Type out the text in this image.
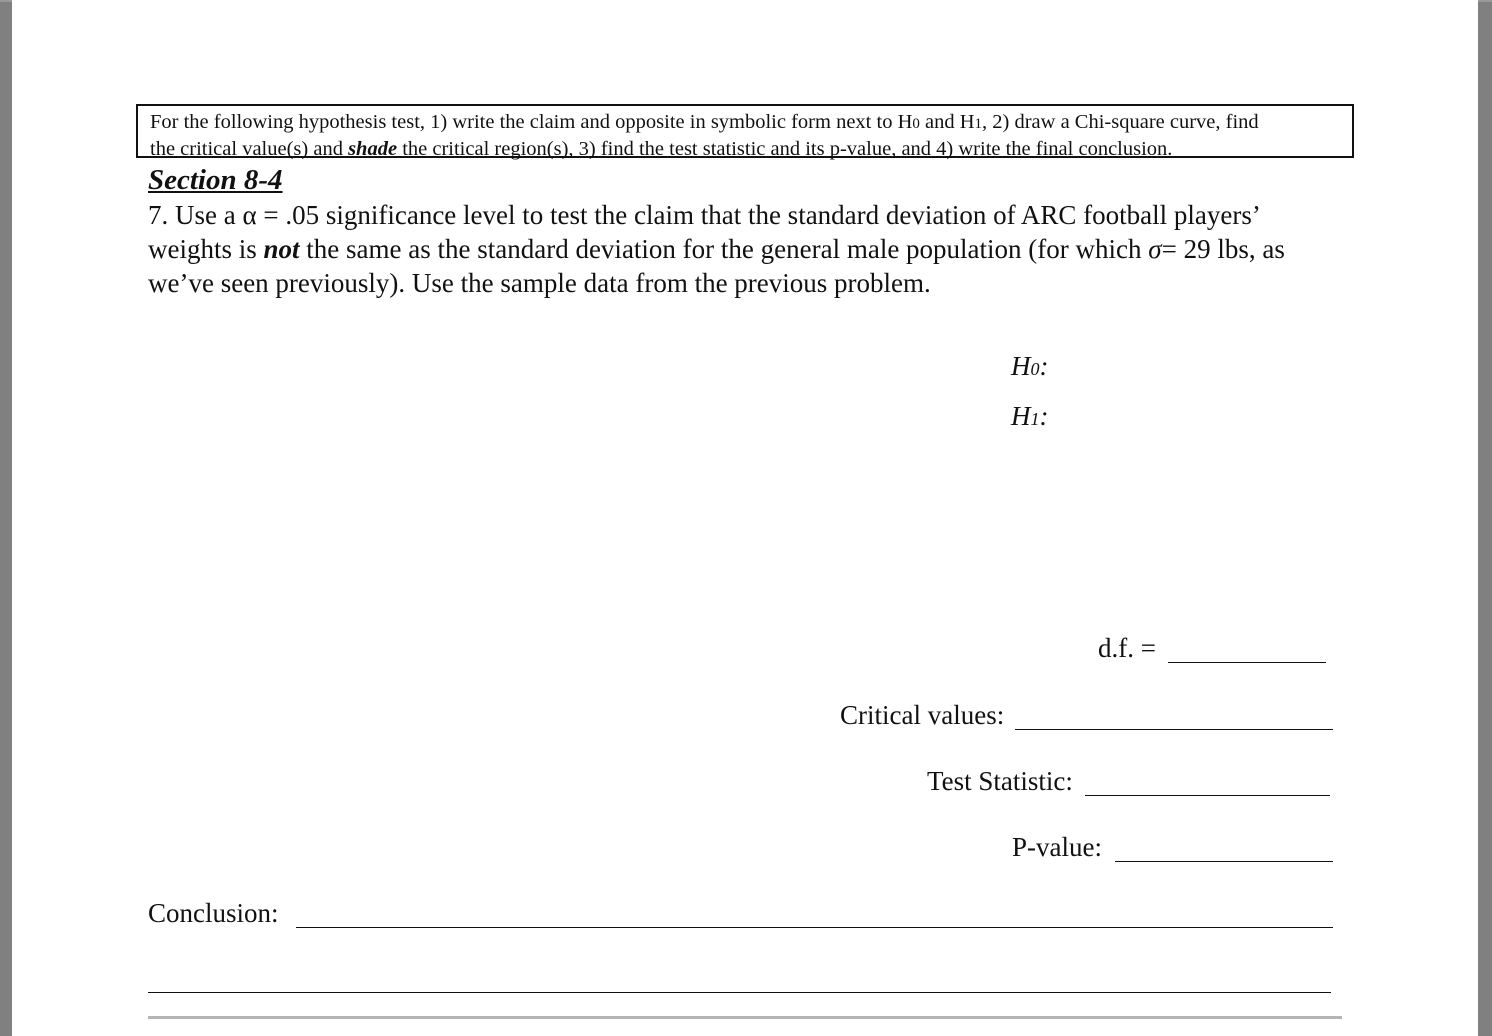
For the following hypothesis test, 1) write the claim and opposite in symbolic form next to H0 and H1, 2) draw a Chi-square curve, find
the critical value(s) and shade the critical region(s), 3) find the test statistic and its p-value, and 4) write the final conclusion.
Section 8-4
7. Use a α = .05 significance level to test the claim that the standard deviation of ARC football players’ weights is not the same as the standard deviation for the general male population (for which σ= 29 lbs, as we’ve seen previously). Use the sample data from the previous problem.
H0:
H1:
d.f. =
Critical values:
Test Statistic:
P-value:
Conclusion:
